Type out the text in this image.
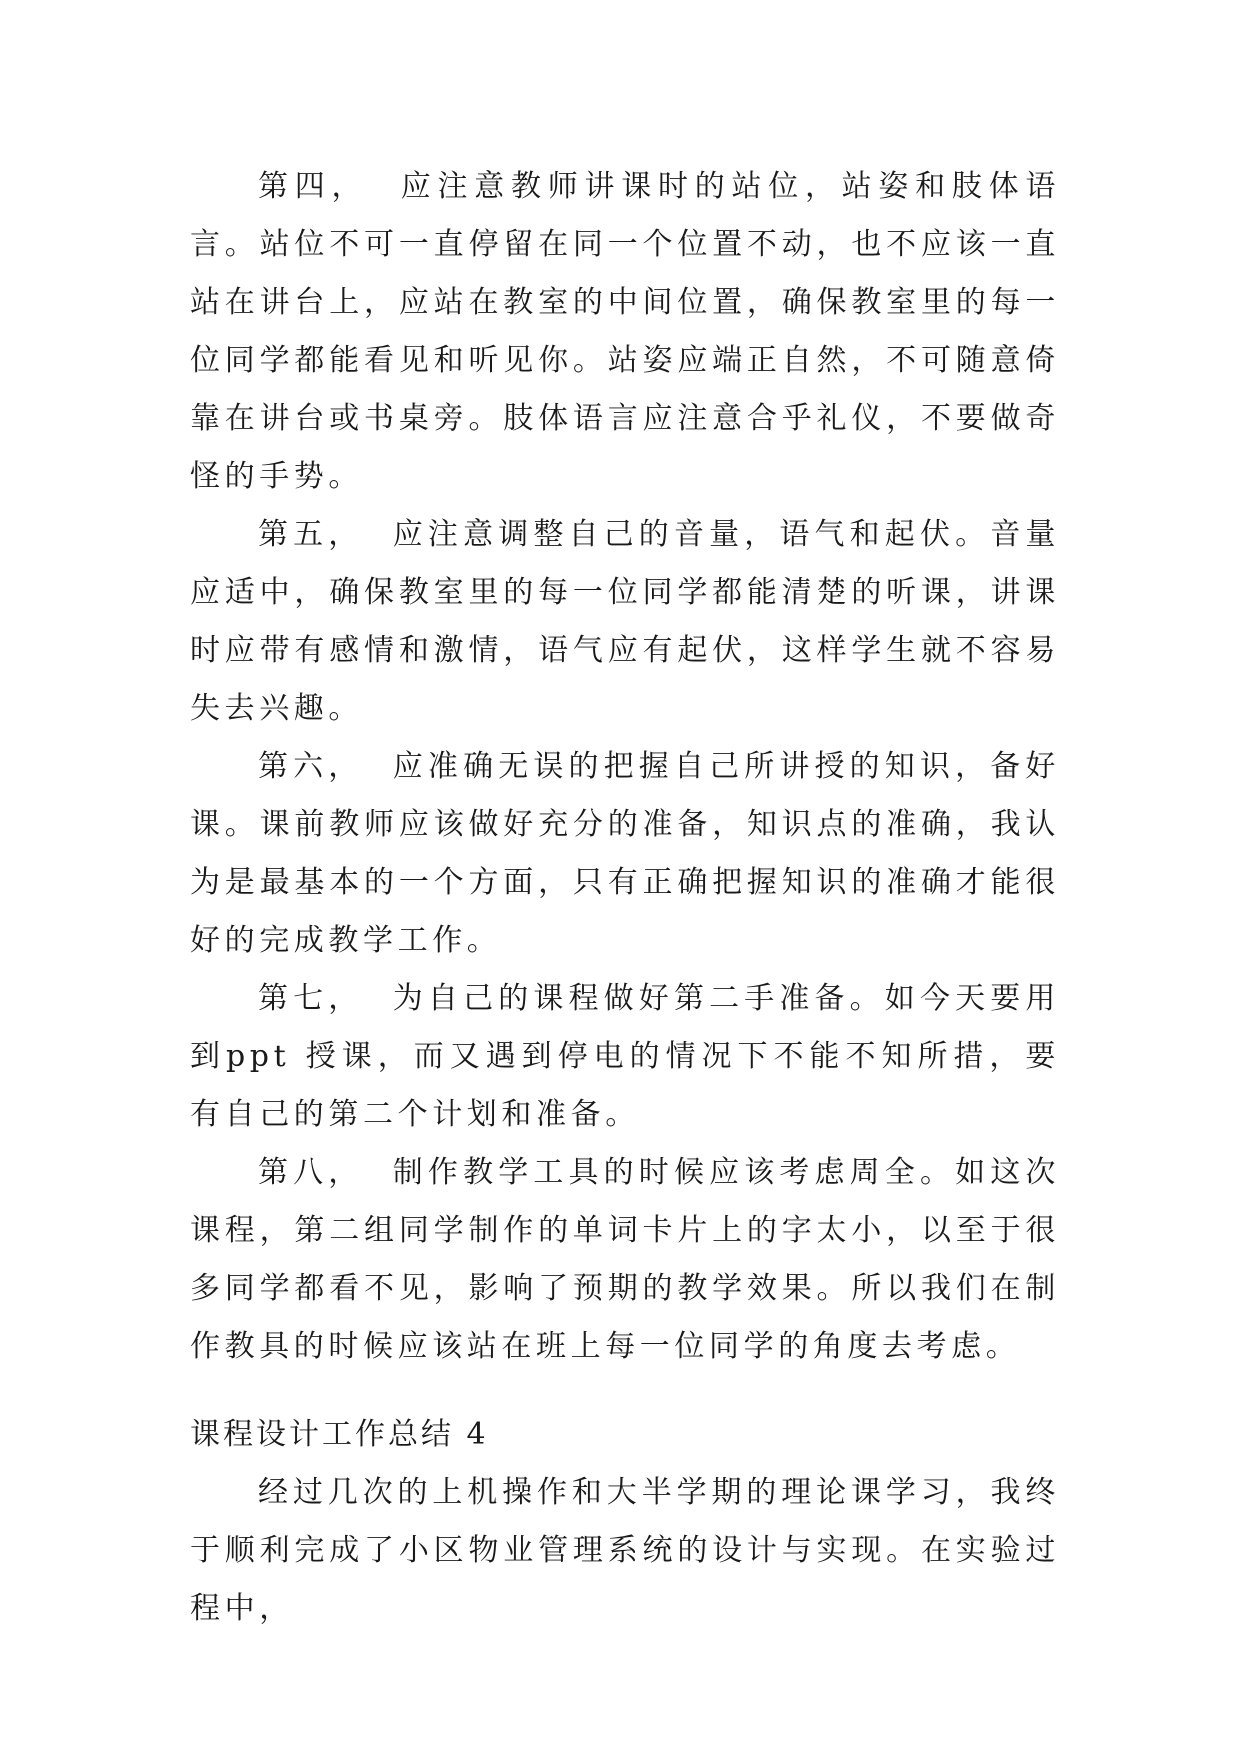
第四，  应注意教师讲课时的站位，站姿和肢体语言。站位不可一直停留在同一个位置不动，也不应该一直站在讲台上，应站在教室的中间位置，确保教室里的每一位同学都能看见和听见你。站姿应端正自然，不可随意倚靠在讲台或书桌旁。肢体语言应注意合乎礼仪，不要做奇怪的手势。

第五，  应注意调整自己的音量，语气和起伏。音量应适中，确保教室里的每一位同学都能清楚的听课，讲课时应带有感情和激情，语气应有起伏，这样学生就不容易失去兴趣。

第六，  应准确无误的把握自己所讲授的知识，备好课。课前教师应该做好充分的准备，知识点的准确，我认为是最基本的一个方面，只有正确把握知识的准确才能很好的完成教学工作。

第七，  为自己的课程做好第二手准备。如今天要用到ppt 授课，而又遇到停电的情况下不能不知所措，要有自己的第二个计划和准备。

第八，  制作教学工具的时候应该考虑周全。如这次课程，第二组同学制作的单词卡片上的字太小，以至于很多同学都看不见，影响了预期的教学效果。所以我们在制作教具的时候应该站在班上每一位同学的角度去考虑。

课程设计工作总结 4

经过几次的上机操作和大半学期的理论课学习，我终于顺利完成了小区物业管理系统的设计与实现。在实验过程中，
